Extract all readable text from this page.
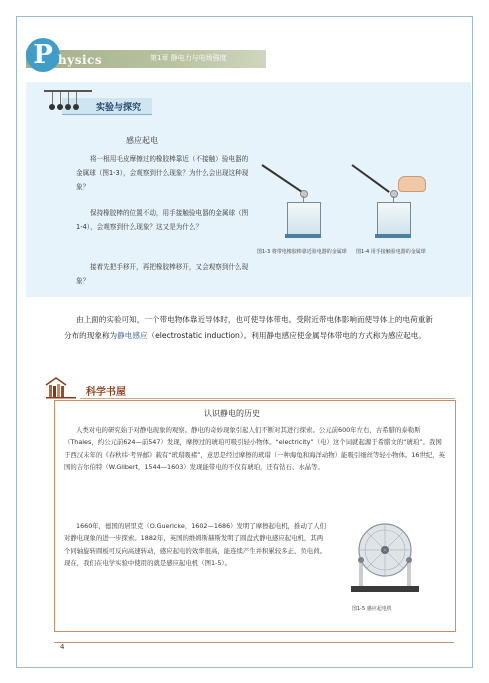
P hysics	第1章 静电力与电场强度
实验与探究
感应起电
将一根用毛皮摩擦过的橡胶棒靠近（不接触）验电器的金属球（图1-3），会观察到什么现象？为什么会出现这种现象？
保持橡胶棒的位置不动，用手接触验电器的金属球（图1-4），会观察到什么现象？这又是为什么？
接着先把手移开，再把橡胶棒移开，又会观察到什么现象？
图1-3 将带电橡胶棒靠近验电器的金属球	图1-4 用手接触验电器的金属球
由上面的实验可知，一个带电物体靠近导体时，也可使导体带电。受附近带电体影响而使导体上的电荷重新分布的现象称为静电感应（electrostatic induction）。利用静电感应使金属导体带电的方式称为感应起电。
科学书屋
认识静电的历史
人类对电的研究始于对静电现象的观察。静电的奇妙现象引起人们不断对其进行探索。公元前600年左右，古希腊的泰勒斯（Thales，约公元前624—前547）发现，摩擦过的琥珀可吸引轻小物体。“electricity”（电）这个词就起源于希腊文的“琥珀”。我国于西汉末年的《春秋纬·考异邮》载有“玳瑁吸褚”，意思是经过摩擦的玳瑁（一种海龟和海洋动物）能吸引细丝等轻小物体。16世纪，英国的吉尔伯特（W.Gilbert，1544—1603）发现能带电的不仅有琥珀，还有钻石、水晶等。
1660年，德国的居里克（O.Guericke，1602—1686）发明了摩擦起电机，推动了人们对静电现象的进一步探索。1882年，英国的维姆斯赫斯发明了圆盘式静电感应起电机，其两个同轴旋转圆板可反向高速转动，感应起电的效率很高，能连续产生并积累较多正、负电荷。现在，我们在电学实验中使用的就是感应起电机（图1-5）。
图1-5 感应起电机
4
